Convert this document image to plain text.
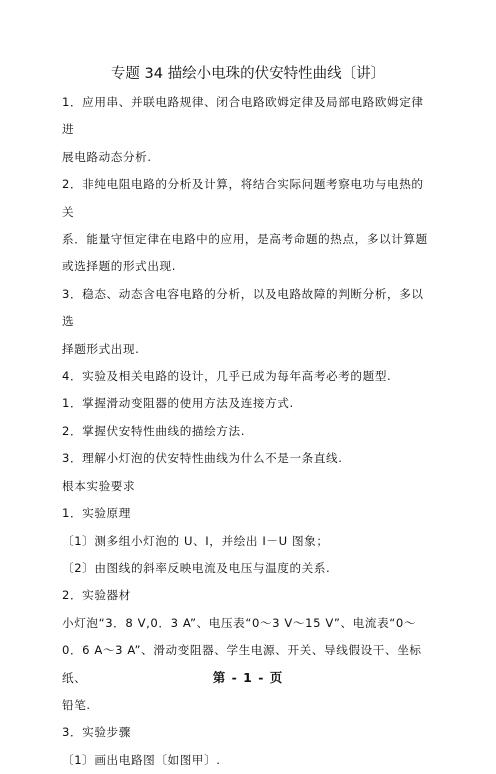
专题 34 描绘小电珠的伏安特性曲线〔讲〕

1．应用串、并联电路规律、闭合电路欧姆定律及局部电路欧姆定律进

展电路动态分析.

2．非纯电阻电路的分析及计算，将结合实际问题考察电功与电热的关

系．能量守恒定律在电路中的应用，是高考命题的热点，多以计算题

或选择题的形式出现.

3．稳态、动态含电容电路的分析，以及电路故障的判断分析，多以选

择题形式出现.

4．实验及相关电路的设计，几乎已成为每年高考必考的题型.

1．掌握滑动变阻器的使用方法及连接方式.

2．掌握伏安特性曲线的描绘方法.

3．理解小灯泡的伏安特性曲线为什么不是一条直线.

根本实验要求

1．实验原理

〔1〕测多组小灯泡的 U、I，并绘出 I－U 图象；

〔2〕由图线的斜率反映电流及电压与温度的关系.

2．实验器材

小灯泡“3．8 V,0．3 A”、电压表“0～3 V～15 V”、电流表“0～

0．6 A～3 A”、滑动变阻器、学生电源、开关、导线假设干、坐标纸、

铅笔.

3．实验步骤

〔1〕画出电路图〔如图甲〕.

第 - 1 - 页
